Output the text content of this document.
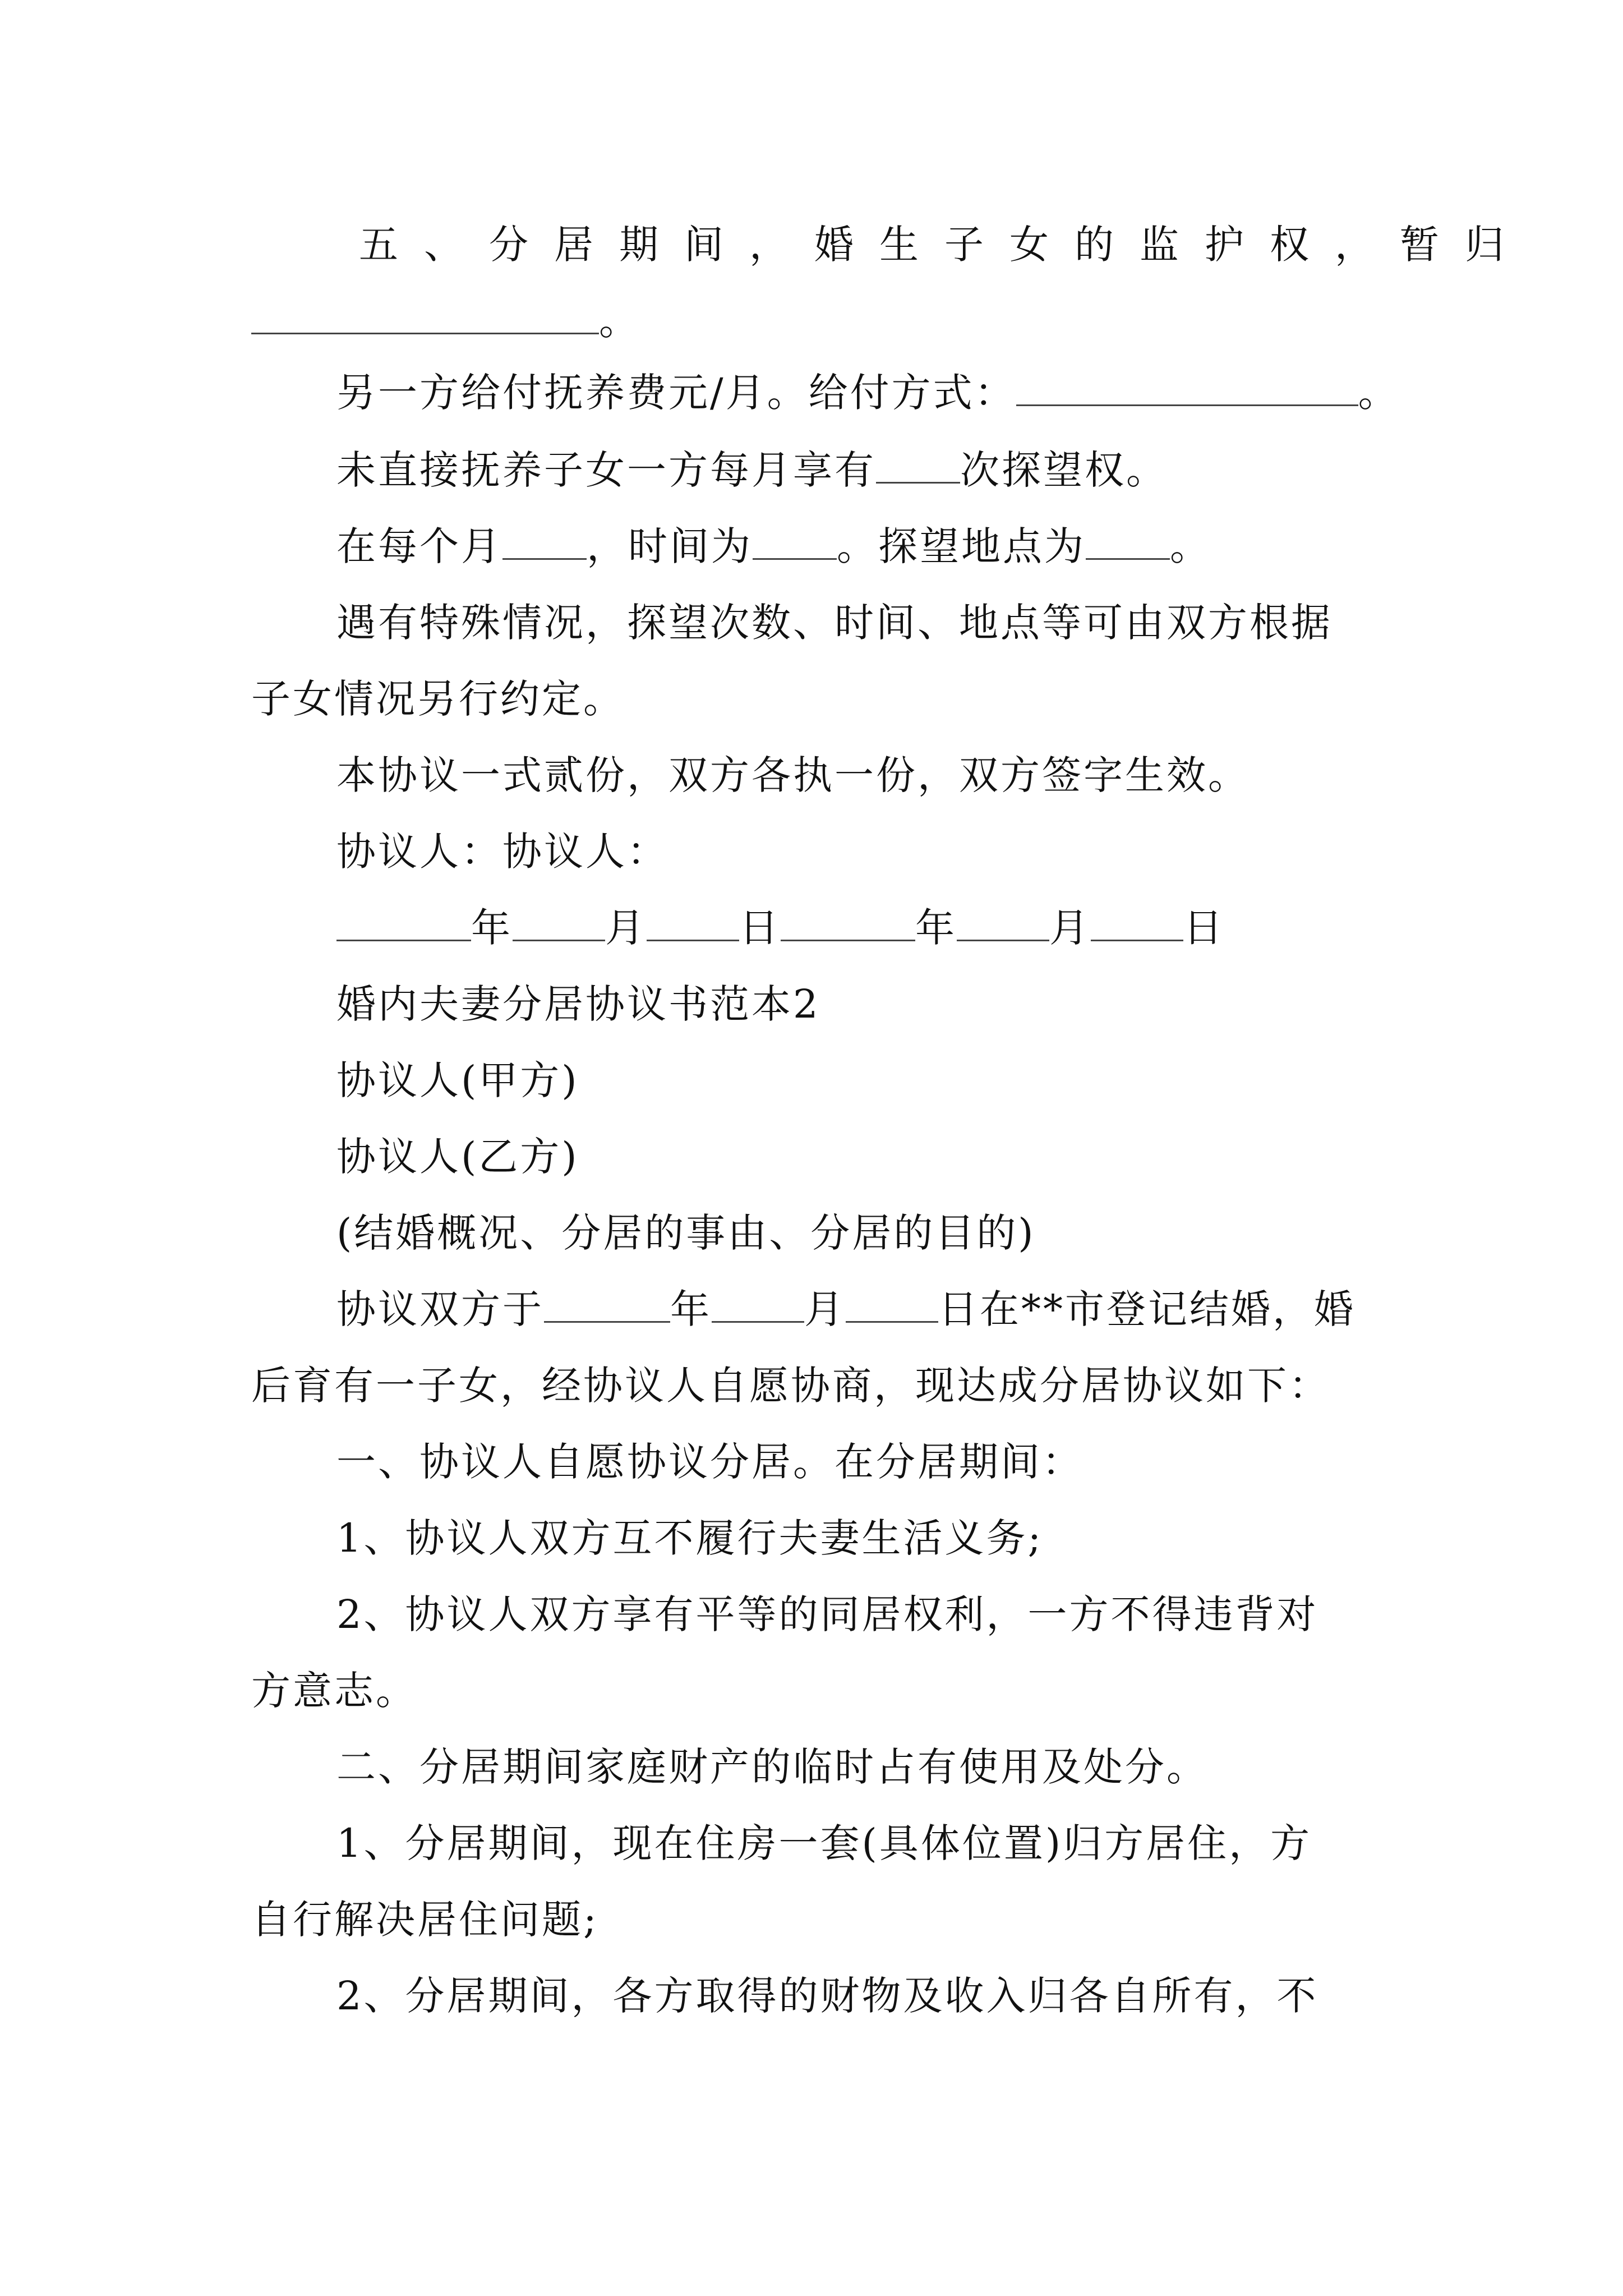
五、分居期间，婚生子女的监护权，暂归
。
另一方给付抚养费元/月。给付方式：	。
未直接抚养子女一方每月享有 次探望权。
在每个月 ，时间为 。探望地点为 。
遇有特殊情况，探望次数、时间、地点等可由双方根据
子女情况另行约定。
本协议一式贰份，双方各执一份，双方签字生效。
协议人：协议人：
年 月 日	年 月 日
婚内夫妻分居协议书范本2
协议人(甲方)
协议人(乙方)
(结婚概况、分居的事由、分居的目的)
协议双方于	年 月 日在**市登记结婚，婚
后育有一子女，经协议人自愿协商，现达成分居协议如下：
一、协议人自愿协议分居。在分居期间：
1、协议人双方互不履行夫妻生活义务;
2、协议人双方享有平等的同居权利，一方不得违背对
方意志。
二、分居期间家庭财产的临时占有使用及处分。
1、分居期间，现在住房一套(具体位置)归方居住，方
自行解决居住问题;
2、分居期间，各方取得的财物及收入归各自所有，不
